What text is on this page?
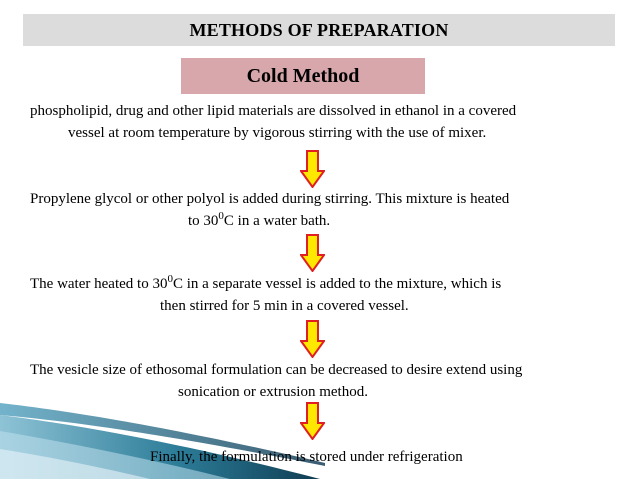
METHODS OF PREPARATION
Cold Method
phospholipid, drug and other lipid materials are dissolved in ethanol in a covered
vessel at room temperature by vigorous stirring with the use of mixer.
Propylene glycol or other polyol is added during stirring. This mixture is heated
to $30^0C$ in a water bath.
The water heated to $30^0C$ in a separate vessel is added to the mixture, which is
then stirred for 5 min in a covered vessel.
The vesicle size of ethosomal formulation can be decreased to desire extend using
sonication or extrusion method.
Finally, the formulation is stored under refrigeration
